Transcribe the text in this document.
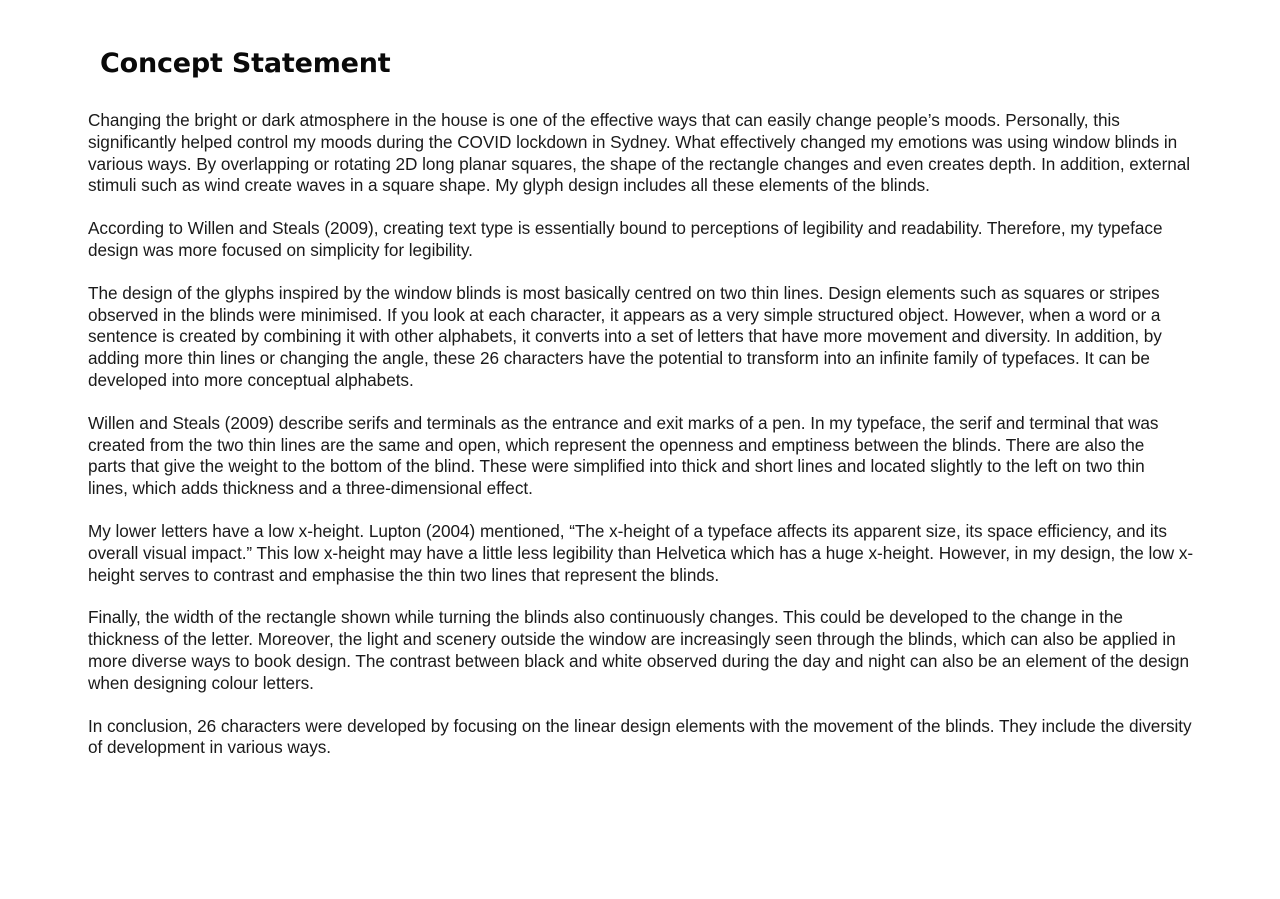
Concept Statement

Changing the bright or dark atmosphere in the house is one of the effective ways that can easily change people’s moods. Personally, this
significantly helped control my moods during the COVID lockdown in Sydney. What effectively changed my emotions was using window blinds in
various ways. By overlapping or rotating 2D long planar squares, the shape of the rectangle changes and even creates depth. In addition, external
stimuli such as wind create waves in a square shape. My glyph design includes all these elements of the blinds.

According to Willen and Steals (2009), creating text type is essentially bound to perceptions of legibility and readability. Therefore, my typeface
design was more focused on simplicity for legibility.

The design of the glyphs inspired by the window blinds is most basically centred on two thin lines. Design elements such as squares or stripes
observed in the blinds were minimised. If you look at each character, it appears as a very simple structured object. However, when a word or a
sentence is created by combining it with other alphabets, it converts into a set of letters that have more movement and diversity. In addition, by
adding more thin lines or changing the angle, these 26 characters have the potential to transform into an infinite family of typefaces. It can be
developed into more conceptual alphabets.

Willen and Steals (2009) describe serifs and terminals as the entrance and exit marks of a pen. In my typeface, the serif and terminal that was
created from the two thin lines are the same and open, which represent the openness and emptiness between the blinds. There are also the
parts that give the weight to the bottom of the blind. These were simplified into thick and short lines and located slightly to the left on two thin
lines, which adds thickness and a three-dimensional effect.

My lower letters have a low x-height. Lupton (2004) mentioned, “The x-height of a typeface affects its apparent size, its space efficiency, and its
overall visual impact.” This low x-height may have a little less legibility than Helvetica which has a huge x-height. However, in my design, the low x-
height serves to contrast and emphasise the thin two lines that represent the blinds.

Finally, the width of the rectangle shown while turning the blinds also continuously changes. This could be developed to the change in the
thickness of the letter. Moreover, the light and scenery outside the window are increasingly seen through the blinds, which can also be applied in
more diverse ways to book design. The contrast between black and white observed during the day and night can also be an element of the design
when designing colour letters.

In conclusion, 26 characters were developed by focusing on the linear design elements with the movement of the blinds. They include the diversity
of development in various ways.
